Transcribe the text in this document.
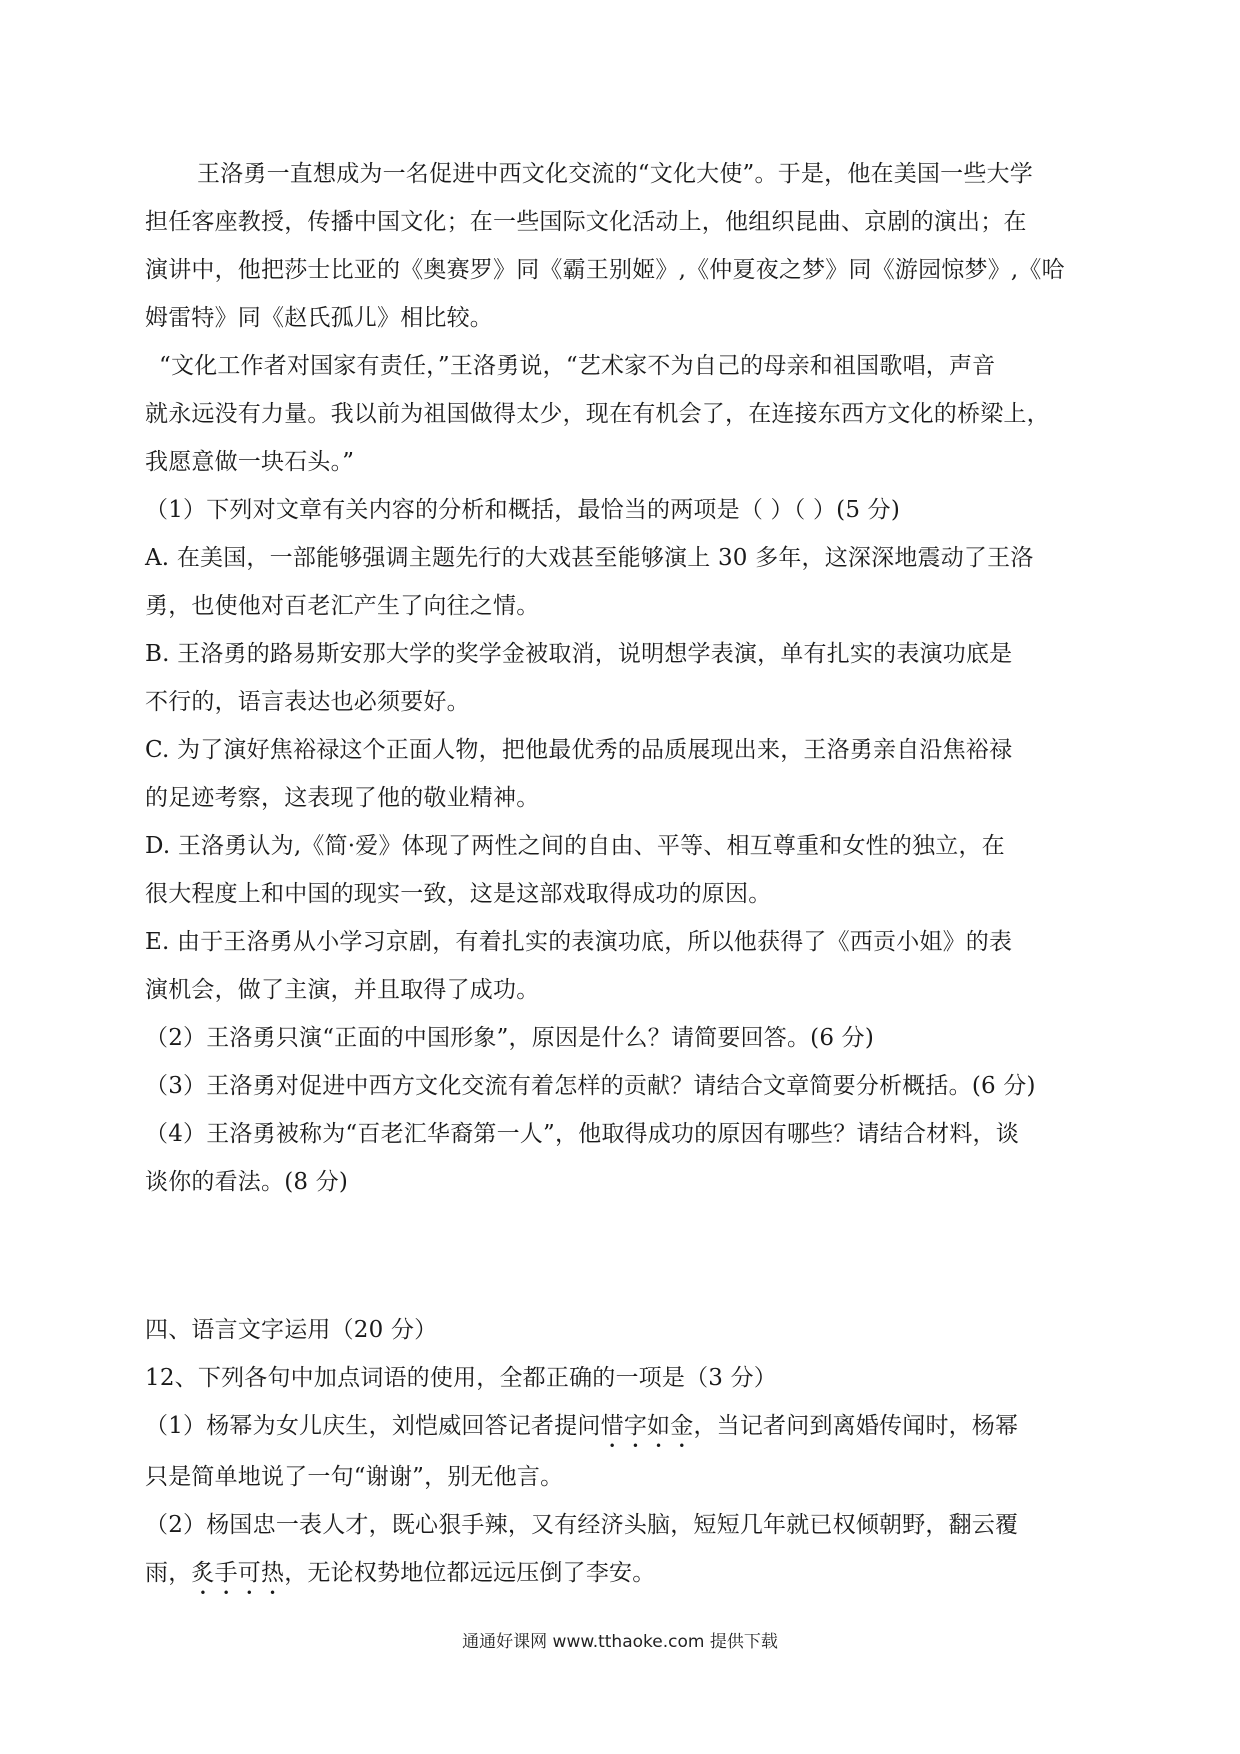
王洛勇一直想成为一名促进中西文化交流的“文化大使”。于是，他在美国一些大学
担任客座教授，传播中国文化；在一些国际文化活动上，他组织昆曲、京剧的演出；在
演讲中，他把莎士比亚的《奥赛罗》同《霸王别姬》,《仲夏夜之梦》同《游园惊梦》,《哈
姆雷特》同《赵氏孤儿》相比较。
“文化工作者对国家有责任，”王洛勇说，“艺术家不为自己的母亲和祖国歌唱，声音
就永远没有力量。我以前为祖国做得太少，现在有机会了，在连接东西方文化的桥梁上，
我愿意做一块石头。”
（1）下列对文章有关内容的分析和概括，最恰当的两项是（ ）（ ）(5 分)
A. 在美国，一部能够强调主题先行的大戏甚至能够演上 30 多年，这深深地震动了王洛
勇，也使他对百老汇产生了向往之情。
B. 王洛勇的路易斯安那大学的奖学金被取消，说明想学表演，单有扎实的表演功底是
不行的，语言表达也必须要好。
C. 为了演好焦裕禄这个正面人物，把他最优秀的品质展现出来，王洛勇亲自沿焦裕禄
的足迹考察，这表现了他的敬业精神。
D. 王洛勇认为,《简·爱》体现了两性之间的自由、平等、相互尊重和女性的独立，在
很大程度上和中国的现实一致，这是这部戏取得成功的原因。
E. 由于王洛勇从小学习京剧，有着扎实的表演功底，所以他获得了《西贡小姐》的表
演机会，做了主演，并且取得了成功。
（2）王洛勇只演“正面的中国形象”，原因是什么？请简要回答。(6 分)
（3）王洛勇对促进中西方文化交流有着怎样的贡献？请结合文章简要分析概括。(6 分)
（4）王洛勇被称为“百老汇华裔第一人”，他取得成功的原因有哪些？请结合材料，谈
谈你的看法。(8 分)
四、语言文字运用（20 分）
12、下列各句中加点词语的使用，全都正确的一项是（3 分）
（1）杨幂为女儿庆生，刘恺威回答记者提问惜字如金，当记者问到离婚传闻时，杨幂
只是简单地说了一句“谢谢”，别无他言。
（2）杨国忠一表人才，既心狠手辣，又有经济头脑，短短几年就已权倾朝野，翻云覆
雨，炙手可热，无论权势地位都远远压倒了李安。
通通好课网 www.tthaoke.com 提供下载
